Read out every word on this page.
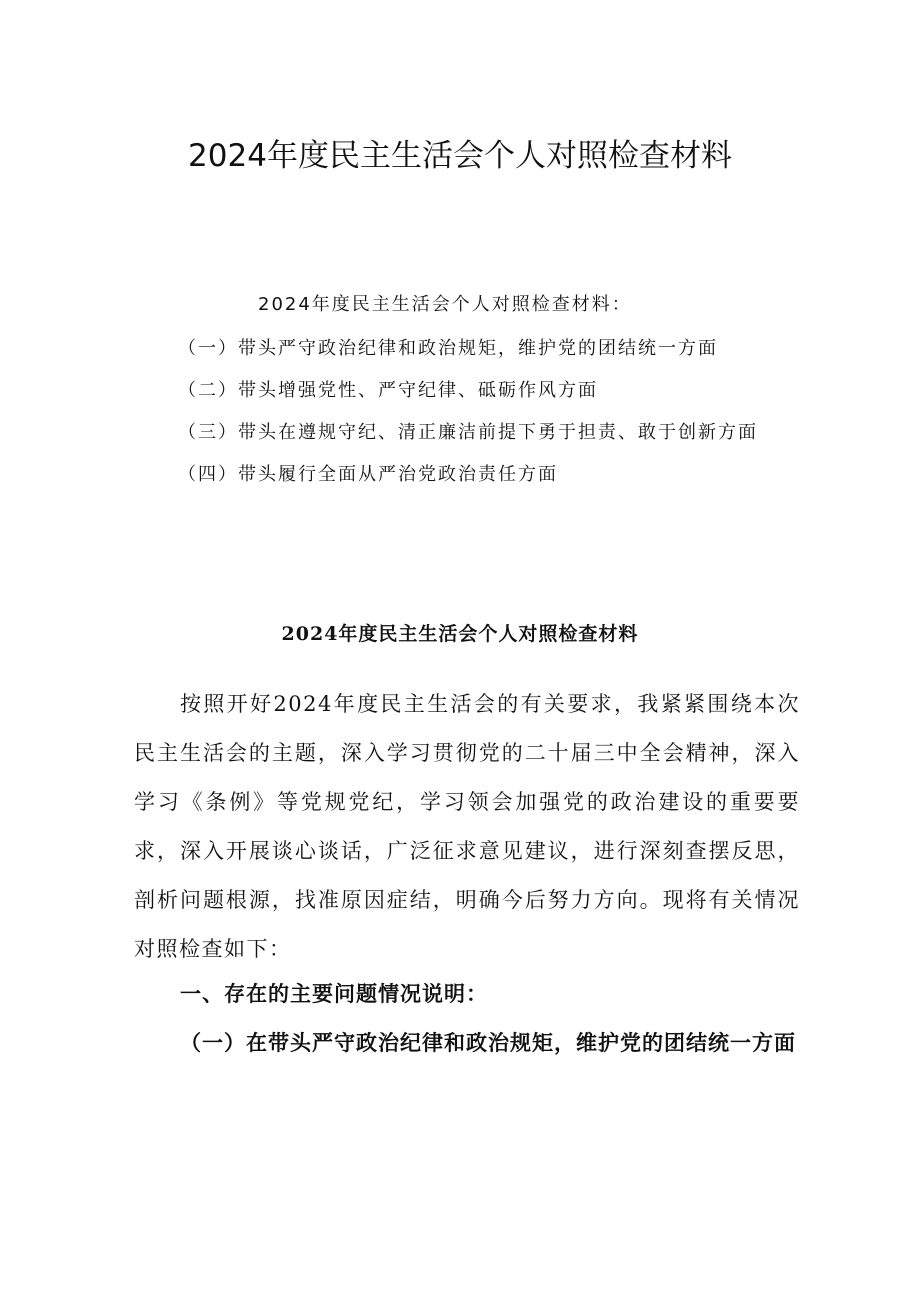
2024年度民主生活会个人对照检查材料
2024年度民主生活会个人对照检查材料：
（一）带头严守政治纪律和政治规矩，维护党的团结统一方面
（二）带头增强党性、严守纪律、砥砺作风方面
（三）带头在遵规守纪、清正廉洁前提下勇于担责、敢于创新方面
（四）带头履行全面从严治党政治责任方面
2024年度民主生活会个人对照检查材料

按照开好2024年度民主生活会的有关要求，我紧紧围绕本次民主生活会的主题，深入学习贯彻党的二十届三中全会精神，深入学习《条例》等党规党纪，学习领会加强党的政治建设的重要要求，深入开展谈心谈话，广泛征求意见建议，进行深刻查摆反思，剖析问题根源，找准原因症结，明确今后努力方向。现将有关情况对照检查如下：

一、存在的主要问题情况说明：
（一）在带头严守政治纪律和政治规矩，维护党的团结统一方面
